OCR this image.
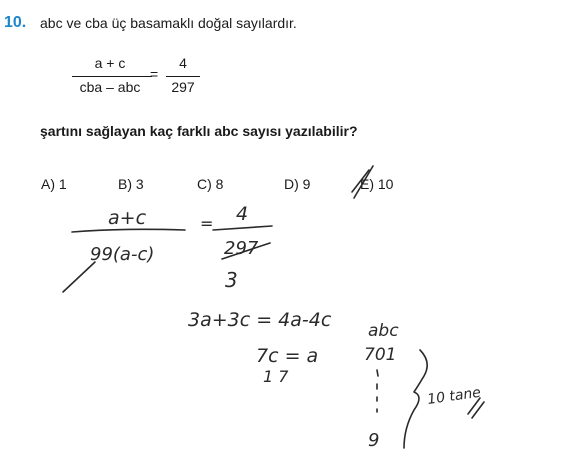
10. abc ve cba üç basamaklı doğal sayılardır.
a + c
cba – abc
=
4
297
şartını sağlayan kaç farklı abc sayısı yazılabilir?
A) 1	B) 3	C) 8	D) 9	E) 10
a+c
99(a-c)
= 4
297
3
3a+3c = 4a-4c
7c = a
1 7
abc
701
9
10 tane
